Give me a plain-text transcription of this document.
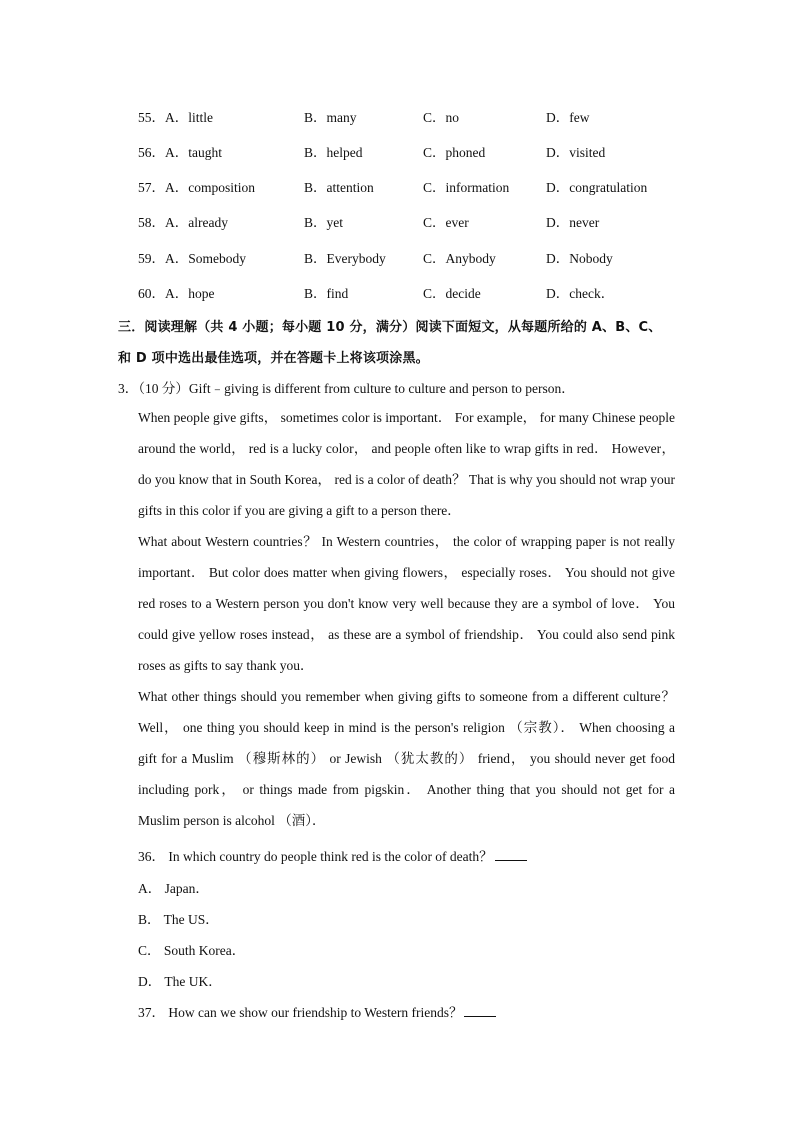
55．A．little	B．many	C．no	D．few
56．A．taught	B．helped	C．phoned	D．visited
57．A．composition	B．attention	C．information	D．congratulation
58．A．already	B．yet	C．ever	D．never
59．A．Somebody	B．Everybody	C．Anybody	D．Nobody
60．A．hope	B．find	C．decide	D．check．
三．阅读理解（共 4 小题；每小题 10 分，满分）阅读下面短文，从每题所给的 A、B、C、
和 D 项中选出最佳选项，并在答题卡上将该项涂黑。
3．（10 分）Gift﹣giving is different from culture to culture and person to person．

When people give gifts， sometimes color is important． For example， for many Chinese people around the world， red is a lucky color， and people often like to wrap gifts in red． However， do you know that in South Korea， red is a color of death？ That is why you should not wrap your gifts in this color if you are giving a gift to a person there．

What about Western countries？ In Western countries， the color of wrapping paper is not really important． But color does matter when giving flowers， especially roses． You should not give red roses to a Western person you don't know very well because they are a symbol of love． You could give yellow roses instead， as these are a symbol of friendship． You could also send pink roses as gifts to say thank you．

What other things should you remember when giving gifts to someone from a different culture？ Well， one thing you should keep in mind is the person's religion （宗教）． When choosing a gift for a Muslim （穆斯林的） or Jewish （犹太教的） friend， you should never get food including pork， or things made from pigskin． Another thing that you should not get for a Muslim person is alcohol （酒）．

36． In which country do people think red is the color of death？
A． Japan．
B． The US．
C． South Korea．
D． The UK．
37． How can we show our friendship to Western friends？
